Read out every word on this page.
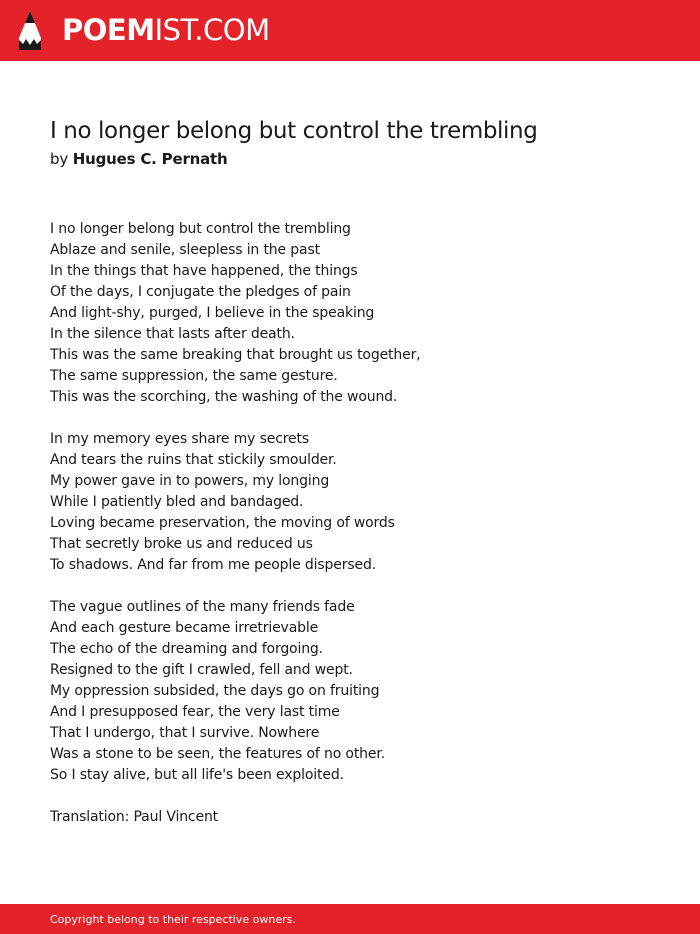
POEMIST.COM
I no longer belong but control the trembling
by Hugues C. Pernath
I no longer belong but control the trembling
Ablaze and senile, sleepless in the past
In the things that have happened, the things
Of the days, I conjugate the pledges of pain
And light-shy, purged, I believe in the speaking
In the silence that lasts after death.
This was the same breaking that brought us together,
The same suppression, the same gesture.
This was the scorching, the washing of the wound.
In my memory eyes share my secrets
And tears the ruins that stickily smoulder.
My power gave in to powers, my longing
While I patiently bled and bandaged.
Loving became preservation, the moving of words
That secretly broke us and reduced us
To shadows. And far from me people dispersed.
The vague outlines of the many friends fade
And each gesture became irretrievable
The echo of the dreaming and forgoing.
Resigned to the gift I crawled, fell and wept.
My oppression subsided, the days go on fruiting
And I presupposed fear, the very last time
That I undergo, that I survive. Nowhere
Was a stone to be seen, the features of no other.
So I stay alive, but all life's been exploited.
Translation: Paul Vincent
Copyright belong to their respective owners.
